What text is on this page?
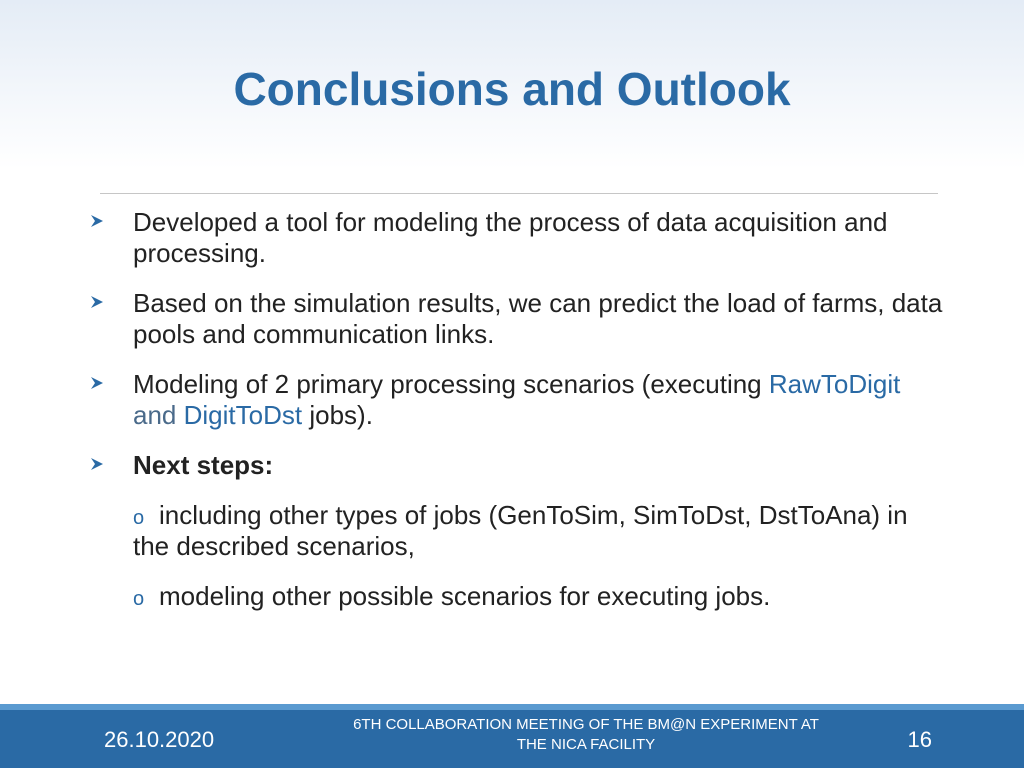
Conclusions and Outlook
Developed a tool for modeling the process of data acquisition and processing.
Based on the simulation results, we can predict the load of farms, data pools and communication links.
Modeling of 2 primary processing scenarios (executing RawToDigit and DigitToDst jobs).
Next steps:
o including other types of jobs (GenToSim, SimToDst, DstToAna) in the described scenarios,
o modeling other possible scenarios for executing jobs.
26.10.2020
6TH COLLABORATION MEETING OF THE BM@N EXPERIMENT AT
THE NICA FACILITY	16
